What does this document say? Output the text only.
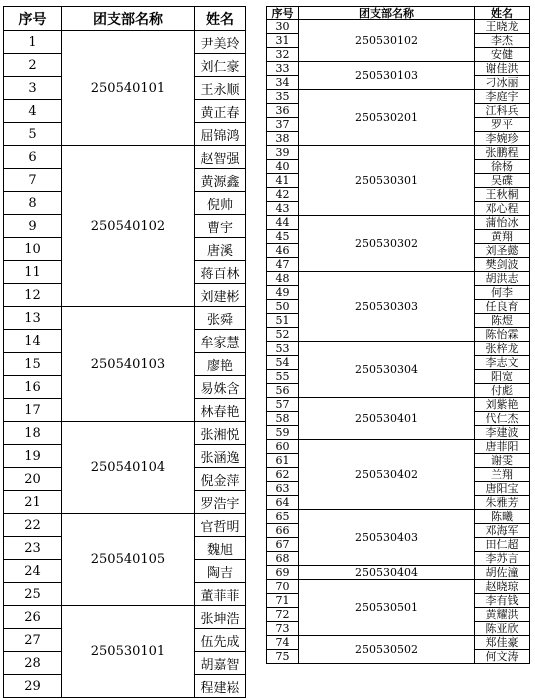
序号	团支部名称	姓名
1	250540101	尹美玲
2		刘仁豪
3		王永顺
4		黄正春
5		屈锦鸿
6	250540102	赵智强
7		黄源鑫
8		倪帅
9		曹宇
10		唐溪
11		蒋百林
12		刘建彬
13	250540103	张舜
14		牟家慧
15		廖艳
16		易姝含
17		林春艳
18	250540104	张湘悦
19		张涵逸
20		倪金萍
21		罗浩宇
22	250540105	官哲明
23		魏旭
24		陶吉
25		董菲菲
26	250530101	张坤浩
27		伍先成
28		胡嘉智
29		程建崧
序号	团支部名称	姓名
30	250530102	王晓龙
31		李杰
32		安健
33	250530103	谢佳洪
34		刁冰丽
35	250530201	李庭宇
36		江科兵
37		罗平
38		李婉珍
39	250530301	张鹏程
40		徐杨
41		吴碟
42		王秋桐
43		邓心程
44	250530302	蒲怡冰
45		黄翔
46		刘圣懿
47		樊剑波
48	250530303	胡洪志
49		何李
50		任良育
51		陈煜
52		陈怡霖
53	250530304	张梓龙
54		李志文
55		阳宽
56		付彪
57	250530401	刘紫艳
58		代仁杰
59		李建波
60	250530402	唐菲阳
61		谢雯
62		兰翔
63		唐阳宝
64		朱雅芳
65	250530403	陈曦
66		邓海军
67		田仁超
68		李苏言
69	250530404	胡佐潼
70	250530501	赵晓琼
71		李有钱
72		黄耀洪
73		陈亚欣
74	250530502	郑佳豪
75		何文涛
